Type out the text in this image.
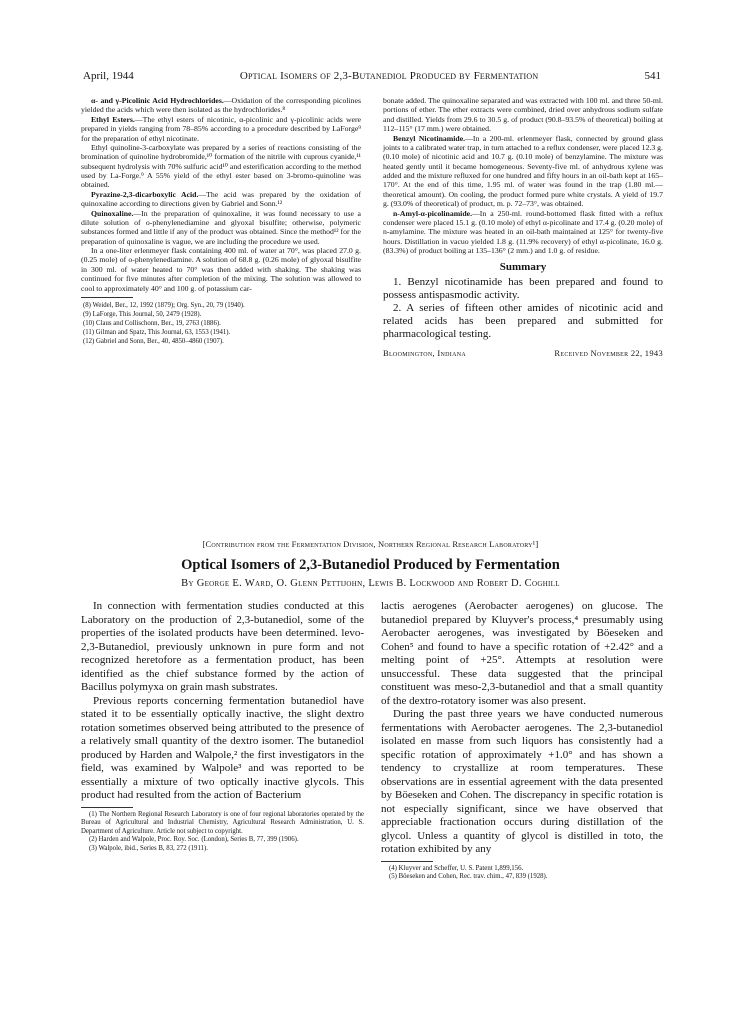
April, 1944	Optical Isomers of 2,3-Butanediol Produced by Fermentation	541

α- and γ-Picolinic Acid Hydrochlorides.—Oxidation of the corresponding picolines yielded the acids which were then isolated as the hydrochlorides.⁸

Ethyl Esters.—The ethyl esters of nicotinic, α-picolinic and γ-picolinic acids were prepared in yields ranging from 78–85% according to a procedure described by LaForge⁹ for the preparation of ethyl nicotinate.

Ethyl quinoline-3-carboxylate was prepared by a series of reactions consisting of the bromination of quinoline hydrobromide,¹⁰ formation of the nitrile with cuprous cyanide,¹¹ subsequent hydrolysis with 70% sulfuric acid¹⁰ and esterification according to the method used by La-Forge.⁹ A 55% yield of the ethyl ester based on 3-bromo-quinoline was obtained.

Pyrazine-2,3-dicarboxylic Acid.—The acid was prepared by the oxidation of quinoxaline according to directions given by Gabriel and Sonn.¹²

Quinoxaline.—In the preparation of quinoxaline, it was found necessary to use a dilute solution of o-phenylenediamine and glyoxal bisulfite; otherwise, polymeric substances formed and little if any of the product was obtained. Since the method¹² for the preparation of quinoxaline is vague, we are including the procedure we used.

In a one-liter erlenmeyer flask containing 400 ml. of water at 70°, was placed 27.0 g. (0.25 mole) of o-phenylenediamine. A solution of 68.8 g. (0.26 mole) of glyoxal bisulfite in 300 ml. of water heated to 70° was then added with shaking. The shaking was continued for five minutes after completion of the mixing. The solution was allowed to cool to approximately 40° and 100 g. of potassium car-

(8) Weidel, Ber., 12, 1992 (1879); Org. Syn., 20, 79 (1940).
(9) LaForge, This Journal, 50, 2479 (1928).
(10) Claus and Collischonn, Ber., 19, 2763 (1886).
(11) Gilman and Spatz, This Journal, 63, 1553 (1941).
(12) Gabriel and Sonn, Ber., 40, 4850–4860 (1907).

bonate added. The quinoxaline separated and was extracted with 100 ml. and three 50-ml. portions of ether. The ether extracts were combined, dried over anhydrous sodium sulfate and distilled. Yields from 29.6 to 30.5 g. of product (90.8–93.5% of theoretical) boiling at 112–115° (17 mm.) were obtained.

Benzyl Nicotinamide.—In a 200-ml. erlenmeyer flask, connected by ground glass joints to a calibrated water trap, in turn attached to a reflux condenser, were placed 12.3 g. (0.10 mole) of nicotinic acid and 10.7 g. (0.10 mole) of benzylamine. The mixture was heated gently until it became homogeneous. Seventy-five ml. of anhydrous xylene was added and the mixture refluxed for one hundred and fifty hours in an oil-bath kept at 165–170°. At the end of this time, 1.95 ml. of water was found in the trap (1.80 ml.—theoretical amount). On cooling, the product formed pure white crystals. A yield of 19.7 g. (93.0% of theoretical) of product, m. p. 72–73°, was obtained.

n-Amyl-α-picolinamide.—In a 250-ml. round-bottomed flask fitted with a reflux condenser were placed 15.1 g. (0.10 mole) of ethyl α-picolinate and 17.4 g. (0.20 mole) of n-amylamine. The mixture was heated in an oil-bath maintained at 125° for twenty-five hours. Distillation in vacuo yielded 1.8 g. (11.9% recovery) of ethyl α-picolinate, 16.0 g. (83.3%) of product boiling at 135–136° (2 mm.) and 1.0 g. of residue.

Summary

1. Benzyl nicotinamide has been prepared and found to possess antispasmodic activity.

2. A series of fifteen other amides of nicotinic acid and related acids has been prepared and submitted for pharmacological testing.

Bloomington, Indiana	Received November 22, 1943
[Contribution from the Fermentation Division, Northern Regional Research Laboratory¹]
Optical Isomers of 2,3-Butanediol Produced by Fermentation
By George E. Ward, O. Glenn Pettijohn, Lewis B. Lockwood and Robert D. Coghill

In connection with fermentation studies conducted at this Laboratory on the production of 2,3-butanediol, some of the properties of the isolated products have been determined. levo-2,3-Butanediol, previously unknown in pure form and not recognized heretofore as a fermentation product, has been identified as the chief substance formed by the action of Bacillus polymyxa on grain mash substrates.

Previous reports concerning fermentation butanediol have stated it to be essentially optically inactive, the slight dextro rotation sometimes observed being attributed to the presence of a relatively small quantity of the dextro isomer. The butanediol produced by Harden and Walpole,² the first investigators in the field, was examined by Walpole³ and was reported to be essentially a mixture of two optically inactive glycols. This product had resulted from the action of Bacterium

(1) The Northern Regional Research Laboratory is one of four regional laboratories operated by the Bureau of Agricultural and Industrial Chemistry, Agricultural Research Administration, U. S. Department of Agriculture. Article not subject to copyright.
(2) Harden and Walpole, Proc. Roy. Soc. (London), Series B, 77, 399 (1906).
(3) Walpole, ibid., Series B, 83, 272 (1911).

lactis aerogenes (Aerobacter aerogenes) on glucose. The butanediol prepared by Kluyver's process,⁴ presumably using Aerobacter aerogenes, was investigated by Böeseken and Cohen⁵ and found to have a specific rotation of +2.42° and a melting point of +25°. Attempts at resolution were unsuccessful. These data suggested that the principal constituent was meso-2,3-butanediol and that a small quantity of the dextro-rotatory isomer was also present.

During the past three years we have conducted numerous fermentations with Aerobacter aerogenes. The 2,3-butanediol isolated en masse from such liquors has consistently had a specific rotation of approximately +1.0° and has shown a tendency to crystallize at room temperatures. These observations are in essential agreement with the data presented by Böeseken and Cohen. The discrepancy in specific rotation is not especially significant, since we have observed that appreciable fractionation occurs during distillation of the glycol. Unless a quantity of glycol is distilled in toto, the rotation exhibited by any

(4) Kluyver and Scheffer, U. S. Patent 1,899,156.
(5) Böeseken and Cohen, Rec. trav. chim., 47, 839 (1928).
